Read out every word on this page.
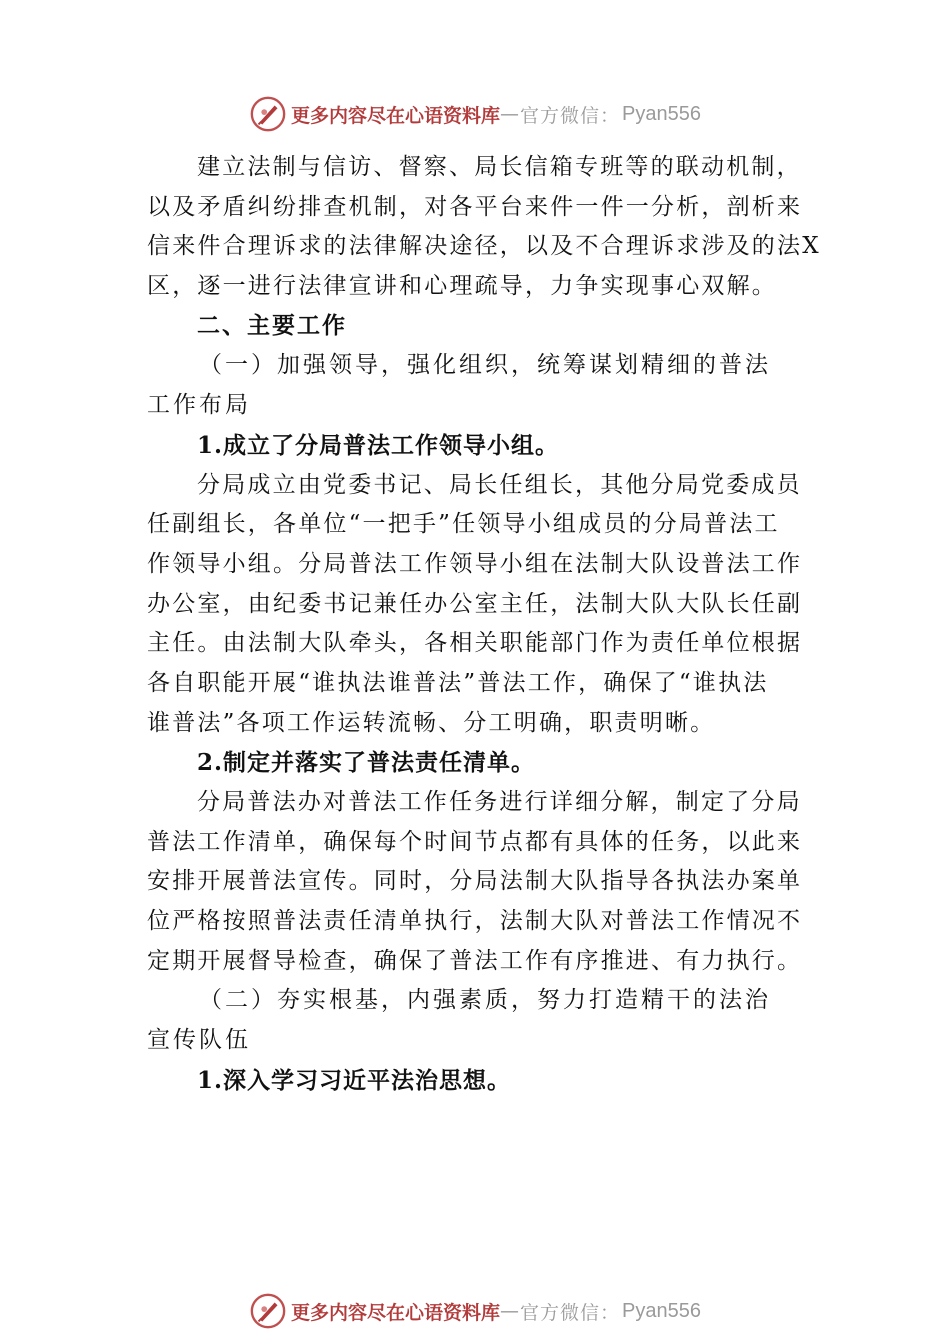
更多内容尽在心语资料库 — 官方微信： Pyan556

建立法制与信访、督察、局长信箱专班等的联动机制，

以及矛盾纠纷排查机制，对各平台来件一件一分析，剖析来

信来件合理诉求的法律解决途径，以及不合理诉求涉及的法X

区，逐一进行法律宣讲和心理疏导，力争实现事心双解。

二、主要工作

（一）加强领导，强化组织，统筹谋划精细的普法

工作布局

1.成立了分局普法工作领导小组。

分局成立由党委书记、局长任组长，其他分局党委成员

任副组长，各单位“一把手”任领导小组成员的分局普法工

作领导小组。分局普法工作领导小组在法制大队设普法工作

办公室，由纪委书记兼任办公室主任，法制大队大队长任副

主任。由法制大队牵头，各相关职能部门作为责任单位根据

各自职能开展“谁执法谁普法”普法工作，确保了“谁执法

谁普法”各项工作运转流畅、分工明确，职责明晰。

2.制定并落实了普法责任清单。

分局普法办对普法工作任务进行详细分解，制定了分局

普法工作清单，确保每个时间节点都有具体的任务，以此来

安排开展普法宣传。同时，分局法制大队指导各执法办案单

位严格按照普法责任清单执行，法制大队对普法工作情况不

定期开展督导检查，确保了普法工作有序推进、有力执行。

（二）夯实根基，内强素质，努力打造精干的法治

宣传队伍

1.深入学习习近平法治思想。

更多内容尽在心语资料库 — 官方微信： Pyan556
